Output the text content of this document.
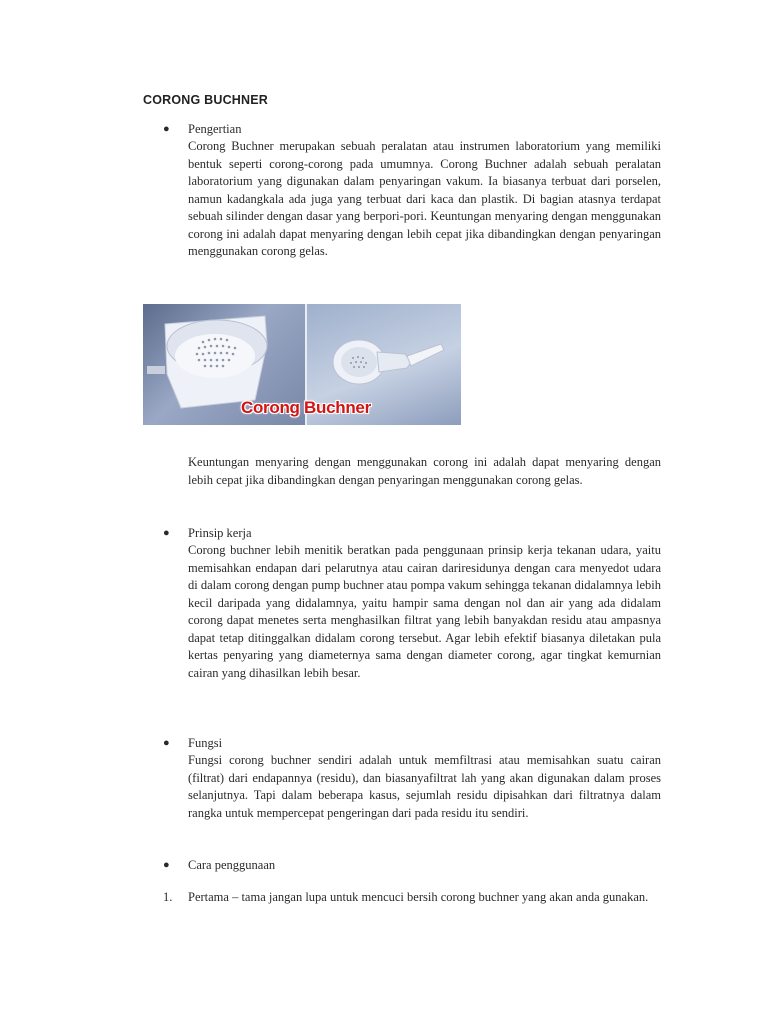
CORONG BUCHNER
●	Pengertian
Corong Buchner merupakan sebuah peralatan atau instrumen laboratorium yang memiliki bentuk seperti corong-corong pada umumnya. Corong Buchner adalah sebuah peralatan laboratorium yang digunakan dalam penyaringan vakum. Ia biasanya terbuat dari porselen, namun kadangkala ada juga yang terbuat dari kaca dan plastik. Di bagian atasnya terdapat sebuah silinder dengan dasar yang berpori-pori. Keuntungan menyaring dengan menggunakan corong ini adalah dapat menyaring dengan lebih cepat jika dibandingkan dengan penyaringan menggunakan corong gelas.
Corong Buchner
Keuntungan menyaring dengan menggunakan corong ini adalah dapat menyaring dengan lebih cepat jika dibandingkan dengan penyaringan menggunakan corong gelas.
●	Prinsip kerja
Corong buchner lebih menitik beratkan pada penggunaan prinsip kerja tekanan udara, yaitu memisahkan endapan dari pelarutnya atau cairan dariresidunya dengan cara menyedot udara di dalam corong dengan pump buchner atau pompa vakum sehingga tekanan didalamnya lebih kecil daripada yang didalamnya, yaitu hampir sama dengan nol dan air yang ada didalam corong dapat menetes serta menghasilkan filtrat yang lebih banyakdan residu atau ampasnya dapat tetap ditinggalkan didalam corong tersebut. Agar lebih efektif biasanya diletakan pula kertas penyaring yang diameternya sama dengan diameter corong, agar tingkat kemurnian cairan yang dihasilkan lebih besar.
●	Fungsi
Fungsi corong buchner sendiri adalah untuk memfiltrasi atau memisahkan suatu cairan (filtrat) dari endapannya (residu), dan biasanyafiltrat lah yang akan digunakan dalam proses selanjutnya. Tapi dalam beberapa kasus, sejumlah residu dipisahkan dari filtratnya dalam rangka untuk mempercepat pengeringan dari pada residu itu sendiri.
●	Cara penggunaan
1. Pertama – tama jangan lupa untuk mencuci bersih corong buchner yang akan anda gunakan.
